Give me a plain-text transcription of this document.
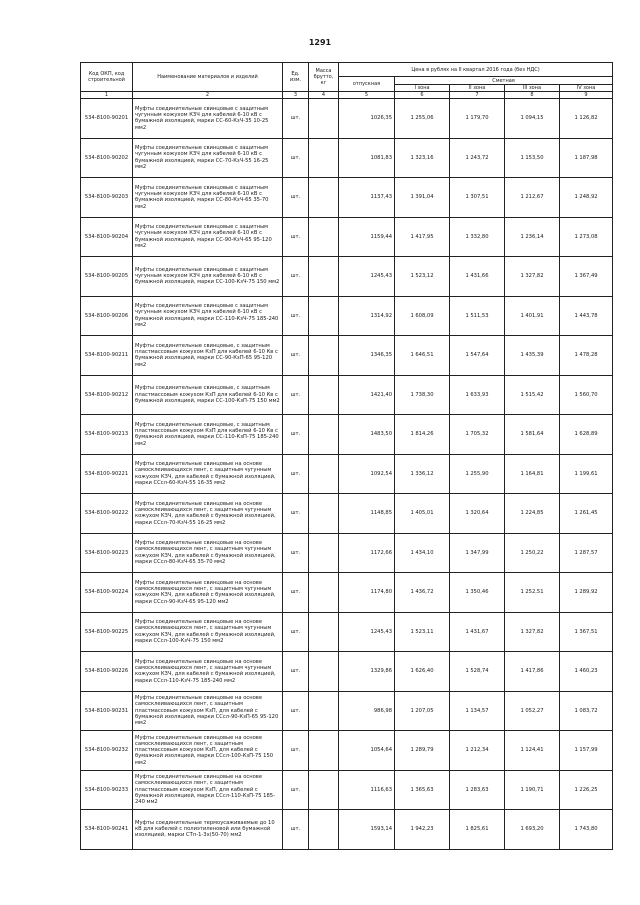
1291
Код ОКП, код строительной	Наименование материалов и изделий	Ед. изм.	Масса брутто, кг	Цена в рублях на II квартал 2016 года (без НДС)				
				отпускная	Сметная			
					I зона	II зона	III зона	IV зона
1	2	3	4	5	6	7	8	9
534-8100-90201	Муфты соединительные свинцовые с защитным чугунным кожухом КЗЧ для кабелей 6-10 кВ с бумажной изоляцией, марки СС-60-КзЧ-35 10-25 мм2	шт.		1026,35	1 255,06	1 179,70	1 094,15	1 126,82
534-8100-90202	Муфты соединительные свинцовые с защитным чугунным кожухом КЗЧ для кабелей 6-10 кВ с бумажной изоляцией, марки СС-70-КзЧ-55 16-25 мм2	шт.		1081,83	1 323,16	1 243,72	1 153,50	1 187,98
534-8100-90203	Муфты соединительные свинцовые с защитным чугунным кожухом КЗЧ для кабелей 6-10 кВ с бумажной изоляцией, марки СС-80-КзЧ-65 35-70 мм2	шт.		1137,43	1 391,04	1 307,51	1 212,67	1 248,92
534-8100-90204	Муфты соединительные свинцовые с защитным чугунным кожухом КЗЧ для кабелей 6-10 кВ с бумажной изоляцией, марки СС-90-КзЧ-65 95-120 мм2	шт.		1159,44	1 417,95	1 332,80	1 236,14	1 273,08
534-8100-90205	Муфты соединительные свинцовые с защитным чугунным кожухом КЗЧ для кабелей 6-10 кВ с бумажной изоляцией, марки СС-100-КзЧ-75 150 мм2	шт.		1245,43	1 523,12	1 431,66	1 327,82	1 367,49
534-8100-90206	Муфты соединительные свинцовые с защитным чугунным кожухом КЗЧ для кабелей 6-10 кВ с бумажной изоляцией, марки СС-110-КзЧ-75 185-240 мм2	шт.		1314,92	1 608,09	1 511,53	1 401,91	1 443,78
534-8100-90211	Муфты соединительные свинцовые, с защитным пластмассовым кожухом КзП для кабелей 6-10 Кв с бумажной изоляцией, марки СС-90-КзП-65 95-120 мм2	шт.		1346,35	1 646,51	1 547,64	1 435,39	1 478,28
534-8100-90212	Муфты соединительные свинцовые, с защитным пластмассовым кожухом КзП для кабелей 6-10 Кв с бумажной изоляцией, марки СС-100-КзП-75 150 мм2	шт.		1421,40	1 738,30	1 633,93	1 515,42	1 560,70
534-8100-90213	Муфты соединительные свинцовые, с защитным пластмассовым кожухом КзП для кабелей 6-10 Кв с бумажной изоляцией, марки СС-110-КзП-75 185-240 мм2	шт.		1483,50	1 814,26	1 705,32	1 581,64	1 628,89
534-8100-90221	Муфты соединительные свинцовые на основе самосклеивающихся лент, с защитным чугунным кожухом КЗЧ, для кабелей с бумажной изоляцией, марки ССсл-60-КзЧ-55 16-35 мм2	шт.		1092,54	1 336,12	1 255,90	1 164,81	1 199,61
534-8100-90222	Муфты соединительные свинцовые на основе самосклеивающихся лент, с защитным чугунным кожухом КЗЧ, для кабелей с бумажной изоляцией, марки ССсл-70-КзЧ-55 16-25 мм2	шт.		1148,85	1 405,01	1 320,64	1 224,85	1 261,45
534-8100-90223	Муфты соединительные свинцовые на основе самосклеивающихся лент, с защитным чугунным кожухом КЗЧ, для кабелей с бумажной изоляцией, марки ССсл-80-КзЧ-65 35-70 мм2	шт.		1172,66	1 434,10	1 347,99	1 250,22	1 287,57
534-8100-90224	Муфты соединительные свинцовые на основе самосклеивающихся лент, с защитным чугунным кожухом КЗЧ, для кабелей с бумажной изоляцией, марки ССсл-90-КзЧ-65 95-120 мм2	шт.		1174,80	1 436,72	1 350,46	1 252,51	1 289,92
534-8100-90225	Муфты соединительные свинцовые на основе самосклеивающихся лент, с защитным чугунным кожухом КЗЧ, для кабелей с бумажной изоляцией, марки ССсл-100-КзЧ-75 150 мм2	шт.		1245,43	1 523,11	1 431,67	1 327,82	1 367,51
534-8100-90226	Муфты соединительные свинцовые на основе самосклеивающихся лент, с защитным чугунным кожухом КЗЧ, для кабелей с бумажной изоляцией, марки ССсл-110-КзЧ-75 185-240 мм2	шт.		1329,86	1 626,40	1 528,74	1 417,86	1 460,23
534-8100-90231	Муфты соединительные свинцовые на основе самосклеивающихся лент, с защитным пластмассовым кожухом КзП, для кабелей с бумажной изоляцией, марки ССсл-90-КзП-65 95-120 мм2	шт.		986,98	1 207,05	1 134,57	1 052,27	1 083,72
534-8100-90232	Муфты соединительные свинцовые на основе самосклеивающихся лент, с защитным пластмассовым кожухом КзП, для кабелей с бумажной изоляцией, марки ССсл-100-КзП-75 150 мм2	шт.		1054,64	1 289,79	1 212,34	1 124,41	1 157,99
534-8100-90233	Муфты соединительные свинцовые на основе самосклеивающихся лент, с защитным пластмассовым кожухом КзП, для кабелей с бумажной изоляцией, марки ССсл-110-КзП-75 185-240 мм2	шт.		1116,63	1 365,63	1 283,63	1 190,71	1 226,25
534-8100-90241	Муфты соединительные термоусаживаемые до 10 кВ для кабелей с полиэтиленовой или бумажной изоляцией, марки СТп-1-3х(50-70) мм2	шт.		1593,14	1 942,23	1 825,61	1 693,20	1 743,80
